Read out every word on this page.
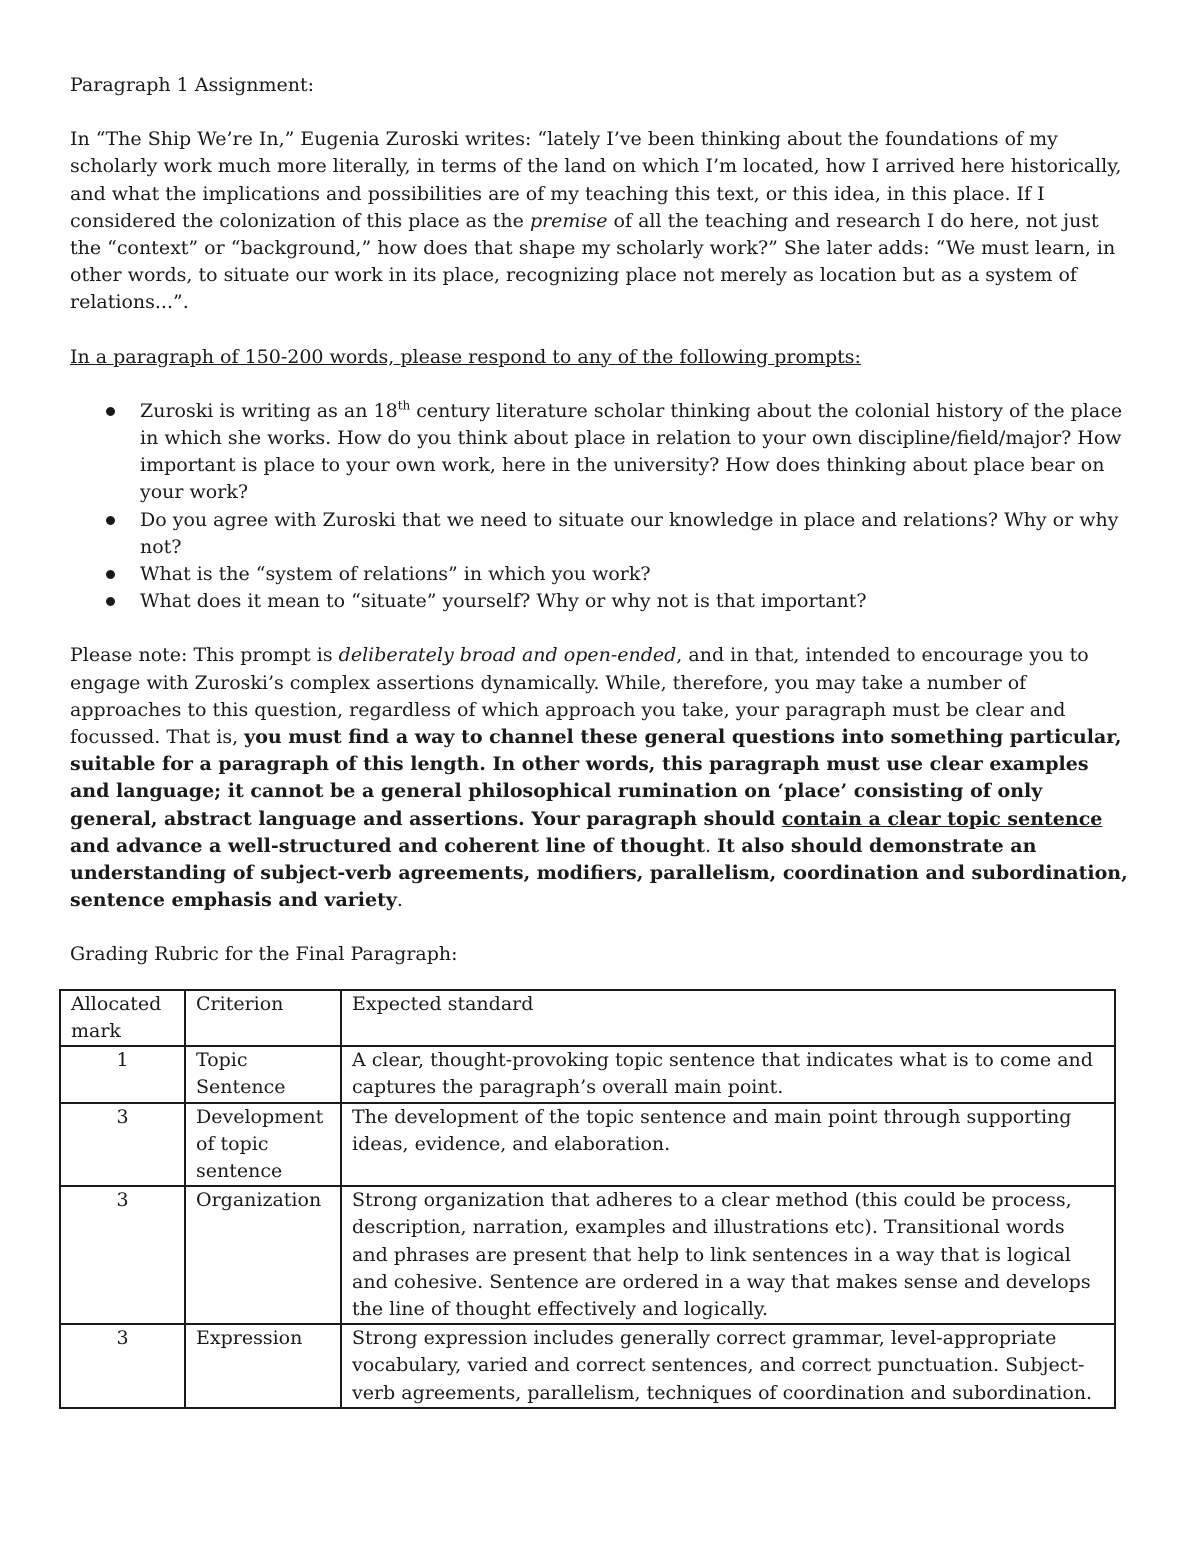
Paragraph 1 Assignment:

In “The Ship We’re In,” Eugenia Zuroski writes: “lately I’ve been thinking about the foundations of my scholarly work much more literally, in terms of the land on which I’m located, how I arrived here historically, and what the implications and possibilities are of my teaching this text, or this idea, in this place. If I considered the colonization of this place as the premise of all the teaching and research I do here, not just the “context” or “background,” how does that shape my scholarly work?” She later adds: “We must learn, in other words, to situate our work in its place, recognizing place not merely as location but as a system of relations...”.

In a paragraph of 150-200 words, please respond to any of the following prompts:

Zuroski is writing as an 18th century literature scholar thinking about the colonial history of the place in which she works. How do you think about place in relation to your own discipline/field/major? How important is place to your own work, here in the university? How does thinking about place bear on your work?
Do you agree with Zuroski that we need to situate our knowledge in place and relations? Why or why not?
What is the “system of relations” in which you work?
What does it mean to “situate” yourself? Why or why not is that important?

Please note: This prompt is deliberately broad and open-ended, and in that, intended to encourage you to engage with Zuroski’s complex assertions dynamically. While, therefore, you may take a number of approaches to this question, regardless of which approach you take, your paragraph must be clear and focussed. That is, you must find a way to channel these general questions into something particular, suitable for a paragraph of this length. In other words, this paragraph must use clear examples and language; it cannot be a general philosophical rumination on ‘place’ consisting of only general, abstract language and assertions. Your paragraph should contain a clear topic sentence and advance a well-structured and coherent line of thought. It also should demonstrate an understanding of subject-verb agreements, modifiers, parallelism, coordination and subordination, sentence emphasis and variety.

Grading Rubric for the Final Paragraph:

Allocated mark	Criterion	Expected standard
1	Topic Sentence	A clear, thought-provoking topic sentence that indicates what is to come and captures the paragraph’s overall main point.
3	Development of topic sentence	The development of the topic sentence and main point through supporting ideas, evidence, and elaboration.
3	Organization	Strong organization that adheres to a clear method (this could be process, description, narration, examples and illustrations etc). Transitional words and phrases are present that help to link sentences in a way that is logical and cohesive. Sentence are ordered in a way that makes sense and develops the line of thought effectively and logically.
3	Expression	Strong expression includes generally correct grammar, level-appropriate vocabulary, varied and correct sentences, and correct punctuation. Subject-verb agreements, parallelism, techniques of coordination and subordination.
